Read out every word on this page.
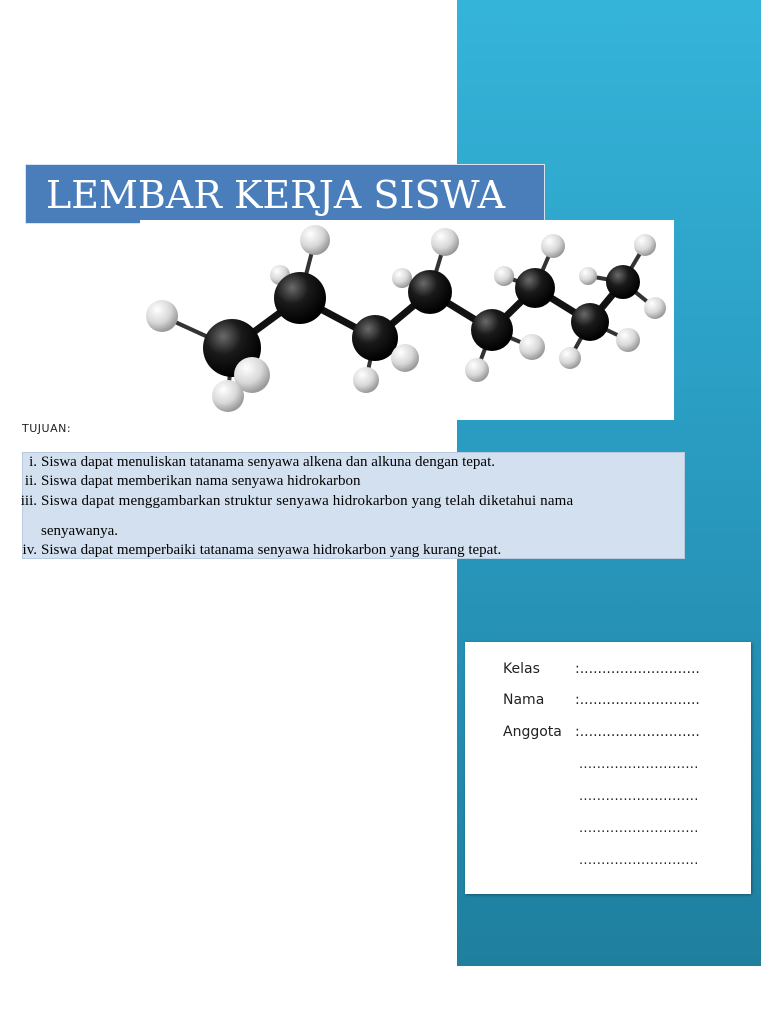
LEMBAR KERJA SISWA
TUJUAN:
i. Siswa dapat menuliskan tatanama senyawa alkena dan alkuna dengan tepat.
ii. Siswa dapat memberikan nama senyawa hidrokarbon
iii. Siswa dapat menggambarkan struktur senyawa hidrokarbon yang telah diketahui nama
senyawanya.
iv. Siswa dapat memperbaiki tatanama senyawa hidrokarbon yang kurang tepat.
Kelas	:...........................
Nama :...........................
Anggota :...........................
...........................
...........................
...........................
...........................
